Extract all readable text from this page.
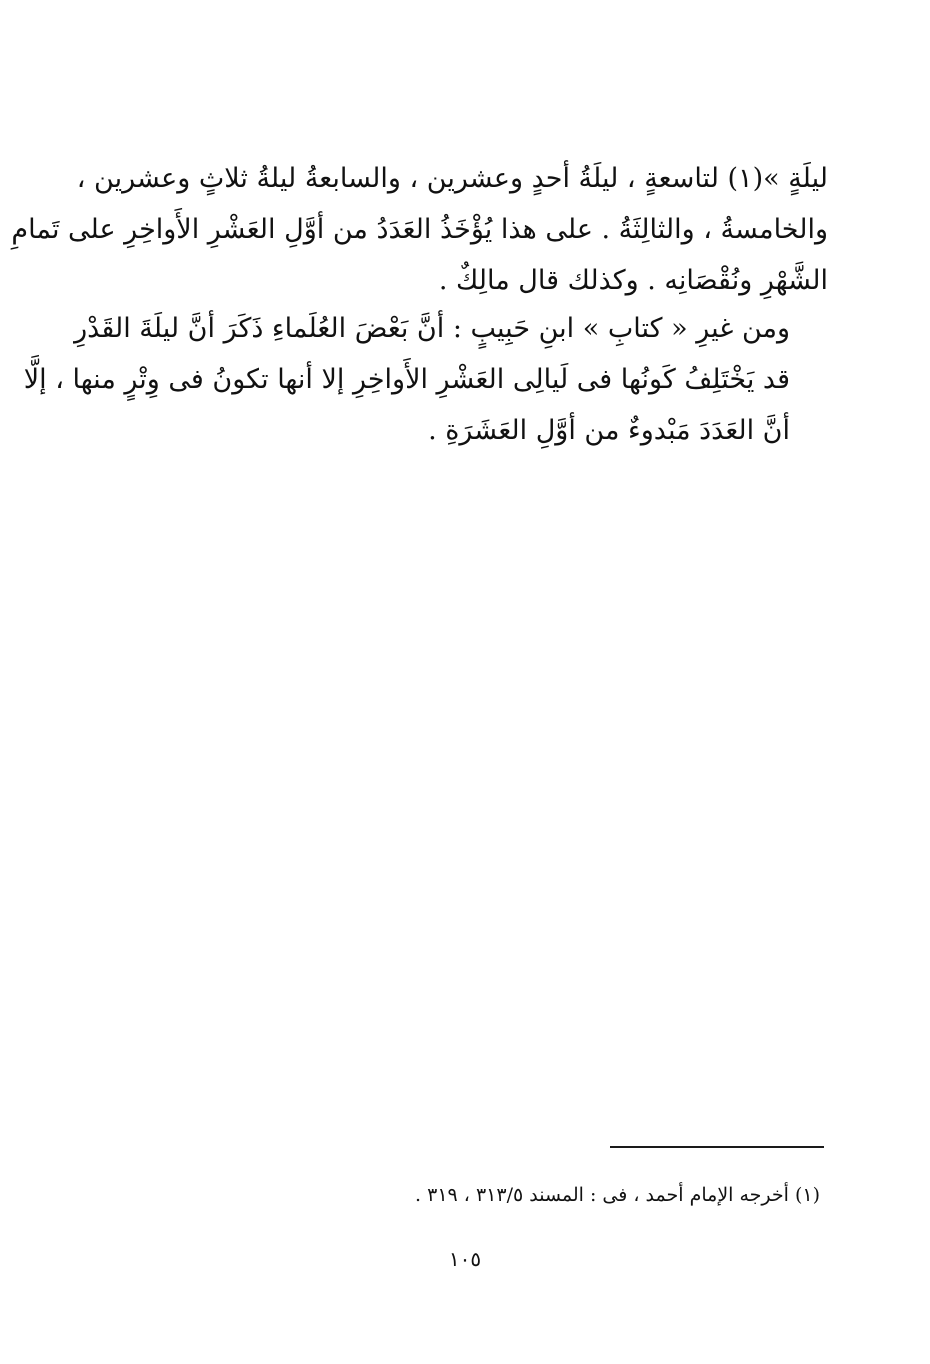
ليلَةٍ »(١) لتاسعةٍ ، ليلَةُ أحدٍ وعشرين ، والسابعةُ ليلةُ ثلاثٍ وعشرين ،
والخامسةُ ، والثالِثَةُ . على هذا يُؤْخَذُ العَدَدُ من أوَّلِ العَشْرِ الأَواخِرِ على تَمامِ
الشَّهْرِ ونُقْصَانِه . وكذلك قال مالِكٌ .
ومن غيرِ « كتابِ » ابنِ حَبِيبٍ : أنَّ بَعْضَ العُلَماءِ ذَكَرَ أنَّ ليلَةَ القَدْرِ
قد يَخْتَلِفُ كَونُها فى لَيالِى العَشْرِ الأَواخِرِ إلا أنها تكونُ فى وِتْرٍ منها ، إلَّا
أنَّ العَدَدَ مَبْدوءٌ من أوَّلِ العَشَرَةِ .
(١) أخرجه الإمام أحمد ، فى : المسند ٣١٣/٥ ، ٣١٩ .
١٠٥
